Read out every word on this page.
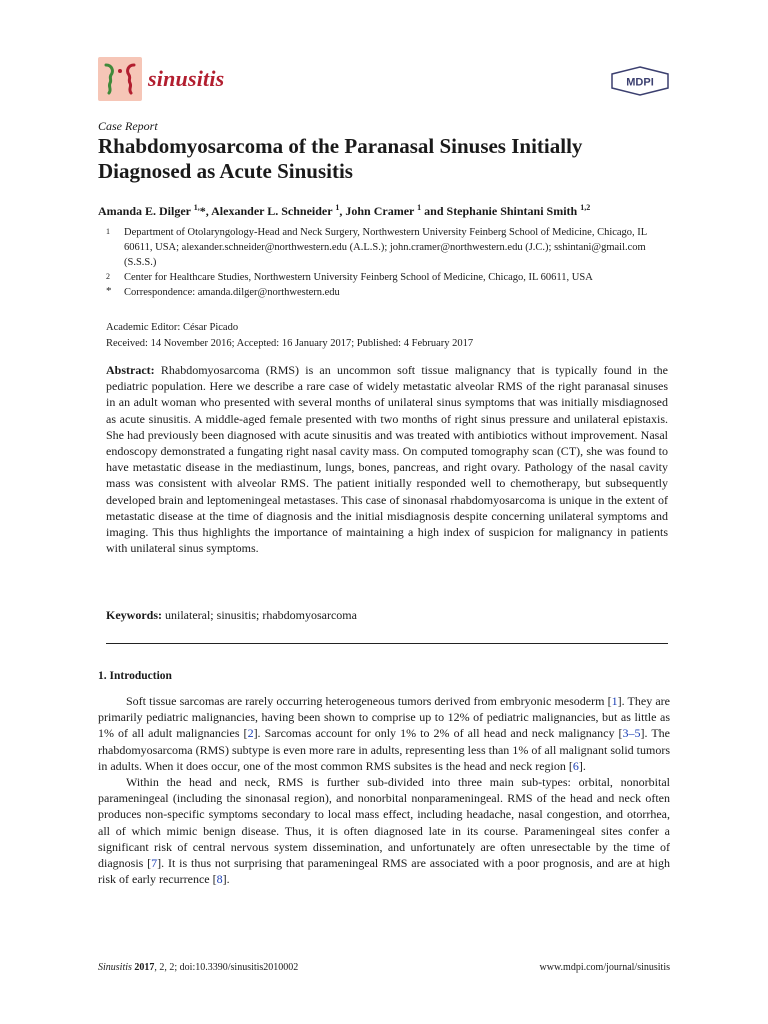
sinusitis	MDPI
Case Report
Rhabdomyosarcoma of the Paranasal Sinuses Initially Diagnosed as Acute Sinusitis
Amanda E. Dilger $^{1,}$*, Alexander L. Schneider $^1$, John Cramer $^1$ and Stephanie Shintani Smith $^{1,2}$
1	Department of Otolaryngology-Head and Neck Surgery, Northwestern University Feinberg School of Medicine, Chicago, IL 60611, USA; alexander.schneider@northwestern.edu (A.L.S.); john.cramer@northwestern.edu (J.C.); sshintani@gmail.com (S.S.S.)
2	Center for Healthcare Studies, Northwestern University Feinberg School of Medicine, Chicago, IL 60611, USA
*	Correspondence: amanda.dilger@northwestern.edu
Academic Editor: César Picado
Received: 14 November 2016; Accepted: 16 January 2017; Published: 4 February 2017

Abstract: Rhabdomyosarcoma (RMS) is an uncommon soft tissue malignancy that is typically found in the pediatric population. Here we describe a rare case of widely metastatic alveolar RMS of the right paranasal sinuses in an adult woman who presented with several months of unilateral sinus symptoms that was initially misdiagnosed as acute sinusitis. A middle-aged female presented with two months of right sinus pressure and unilateral epistaxis. She had previously been diagnosed with acute sinusitis and was treated with antibiotics without improvement. Nasal endoscopy demonstrated a fungating right nasal cavity mass. On computed tomography scan (CT), she was found to have metastatic disease in the mediastinum, lungs, bones, pancreas, and right ovary. Pathology of the nasal cavity mass was consistent with alveolar RMS. The patient initially responded well to chemotherapy, but subsequently developed brain and leptomeningeal metastases. This case of sinonasal rhabdomyosarcoma is unique in the extent of metastatic disease at the time of diagnosis and the initial misdiagnosis despite concerning unilateral symptoms and imaging. This thus highlights the importance of maintaining a high index of suspicion for malignancy in patients with unilateral sinus symptoms.

Keywords: unilateral; sinusitis; rhabdomyosarcoma

1. Introduction

Soft tissue sarcomas are rarely occurring heterogeneous tumors derived from embryonic mesoderm [1]. They are primarily pediatric malignancies, having been shown to comprise up to 12% of pediatric malignancies, but as little as 1% of all adult malignancies [2]. Sarcomas account for only 1% to 2% of all head and neck malignancy [3–5]. The rhabdomyosarcoma (RMS) subtype is even more rare in adults, representing less than 1% of all malignant solid tumors in adults. When it does occur, one of the most common RMS subsites is the head and neck region [6].

Within the head and neck, RMS is further sub-divided into three main sub-types: orbital, nonorbital parameningeal (including the sinonasal region), and nonorbital nonparameningeal. RMS of the head and neck often produces non-specific symptoms secondary to local mass effect, including headache, nasal congestion, and otorrhea, all of which mimic benign disease. Thus, it is often diagnosed late in its course. Parameningeal sites confer a significant risk of central nervous system dissemination, and unfortunately are often unresectable by the time of diagnosis [7]. It is thus not surprising that parameningeal RMS are associated with a poor prognosis, and are at high risk of early recurrence [8].

Sinusitis 2017, 2, 2; doi:10.3390/sinusitis2010002	www.mdpi.com/journal/sinusitis
